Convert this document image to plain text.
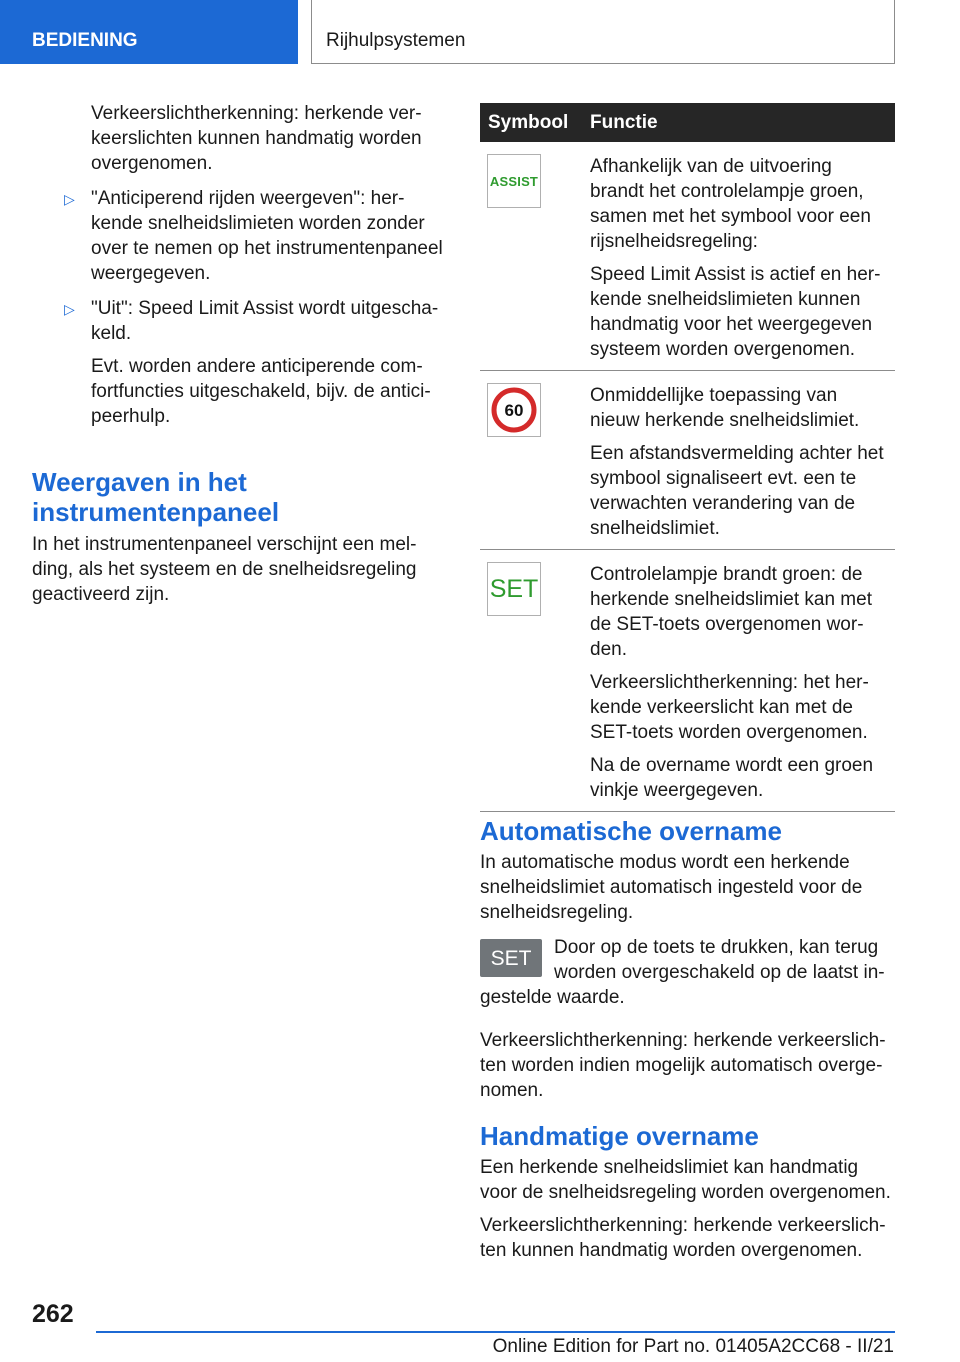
BEDIENING	Rijhulpsystemen
Verkeerslichtherkenning: herkende verkeerslichten kunnen handmatig worden overgenomen.
▷ "Anticiperend rijden weergeven": herkende snelheidslimieten worden zonder over te nemen op het instrumentenpaneel weergegeven.
▷ "Uit": Speed Limit Assist wordt uitgeschakeld.
Evt. worden andere anticiperende comfortfuncties uitgeschakeld, bijv. de anticipeerhulp.
Weergaven in het instrumentenpaneel
In het instrumentenpaneel verschijnt een melding, als het systeem en de snelheidsregeling geactiveerd zijn.
Symbool	Functie

ASSIST	Afhankelijk van de uitvoering brandt het controlelampje groen, samen met het symbool voor een rijsnelheidsregeling:

Speed Limit Assist is actief en herkende snelheidslimieten kunnen handmatig voor het weergegeven systeem worden overgenomen.

60	Onmiddellijke toepassing van nieuw herkende snelheidslimiet.

Een afstandsvermelding achter het symbool signaliseert evt. een te verwachten verandering van de snelheidslimiet.

SET	Controlelampje brandt groen: de herkende snelheidslimiet kan met de SET-toets overgenomen worden.

Verkeerslichtherkenning: het herkende verkeerslicht kan met de SET-toets worden overgenomen.

Na de overname wordt een groen vinkje weergegeven.

Automatische overname
In automatische modus wordt een herkende snelheidslimiet automatisch ingesteld voor de snelheidsregeling.
SET	Door op de toets te drukken, kan terug worden overgeschakeld op de laatst ingestelde waarde.
Verkeerslichtherkenning: herkende verkeerslichten worden indien mogelijk automatisch overgenomen.
Handmatige overname
Een herkende snelheidslimiet kan handmatig voor de snelheidsregeling worden overgenomen.
Verkeerslichtherkenning: herkende verkeerslichten kunnen handmatig worden overgenomen.
262
Online Edition for Part no. 01405A2CC68 - II/21
